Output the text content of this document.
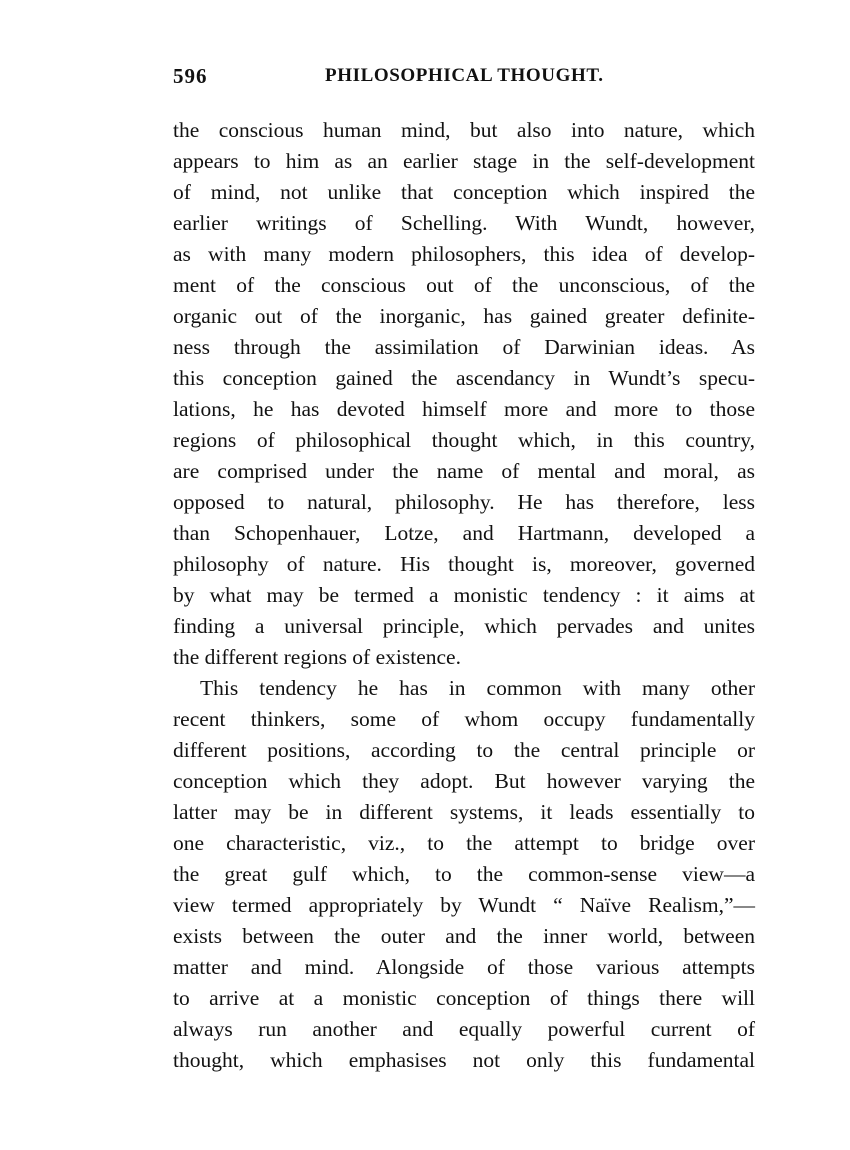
596	PHILOSOPHICAL THOUGHT.
the conscious human mind, but also into nature, which
appears to him as an earlier stage in the self-development
of mind, not unlike that conception which inspired the
earlier writings of Schelling. With Wundt, however,
as with many modern philosophers, this idea of develop-
ment of the conscious out of the unconscious, of the
organic out of the inorganic, has gained greater definite-
ness through the assimilation of Darwinian ideas. As
this conception gained the ascendancy in Wundt’s specu-
lations, he has devoted himself more and more to those
regions of philosophical thought which, in this country,
are comprised under the name of mental and moral, as
opposed to natural, philosophy. He has therefore, less
than Schopenhauer, Lotze, and Hartmann, developed a
philosophy of nature. His thought is, moreover, governed
by what may be termed a monistic tendency : it aims at
finding a universal principle, which pervades and unites
the different regions of existence.
This tendency he has in common with many other
recent thinkers, some of whom occupy fundamentally
different positions, according to the central principle or
conception which they adopt. But however varying the
latter may be in different systems, it leads essentially to
one characteristic, viz., to the attempt to bridge over
the great gulf which, to the common-sense view—a
view termed appropriately by Wundt “ Naïve Realism,”—
exists between the outer and the inner world, between
matter and mind. Alongside of those various attempts
to arrive at a monistic conception of things there will
always run another and equally powerful current of
thought, which emphasises not only this fundamental
